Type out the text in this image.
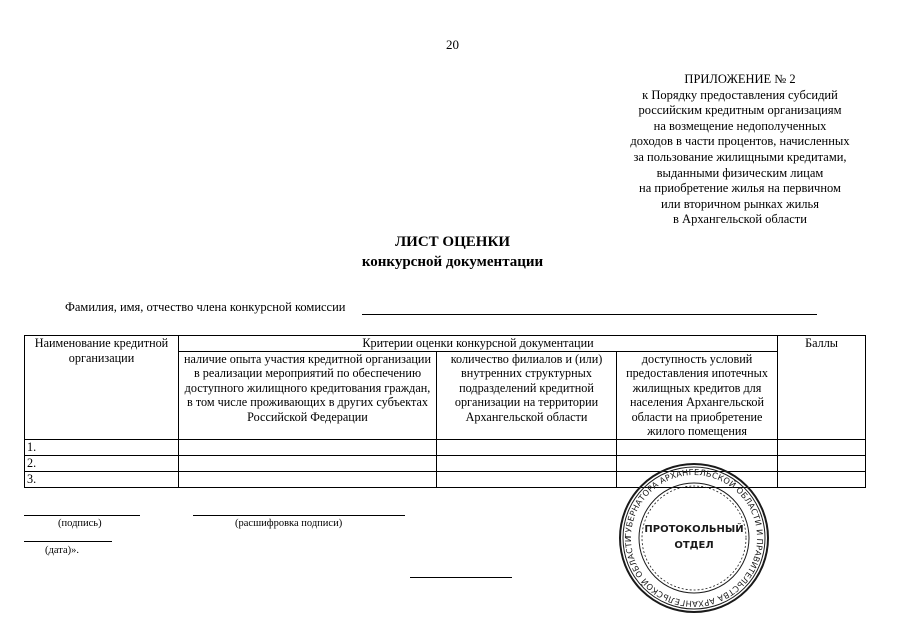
20
ПРИЛОЖЕНИЕ № 2
к Порядку предоставления субсидий
российским кредитным организациям
на возмещение недополученных
доходов в части процентов, начисленных
за пользование жилищными кредитами,
выданными физическим лицам
на приобретение жилья на первичном
или вторичном рынках жилья
в Архангельской области
ЛИСТ ОЦЕНКИ
конкурсной документации
Фамилия, имя, отчество члена конкурсной комиссии
Наименование кредитной организации	Критерии оценки конкурсной документации			Баллы
	наличие опыта участия кредитной организации в реализации мероприятий по обеспечению доступного жилищного кредитования граждан, в том числе проживающих в других субъектах Российской Федерации	количество филиалов и (или) внутренних структурных подразделений кредитной организации на территории Архангельской области	доступность условий предоставления ипотечных жилищных кредитов для населения Архангельской области на приобретение жилого помещения	
1.				
2.				
3.				
(подпись)	(расшифровка подписи)
(дата)».
ГУБЕРНАТОРА АРХАНГЕЛЬСКОЙ ОБЛАСТИ И ПРАВИТЕЛЬСТВА АРХАНГЕЛЬСКОЙ ОБЛАСТИ
ПРОТОКОЛЬНЫЙ
ОТДЕЛ
